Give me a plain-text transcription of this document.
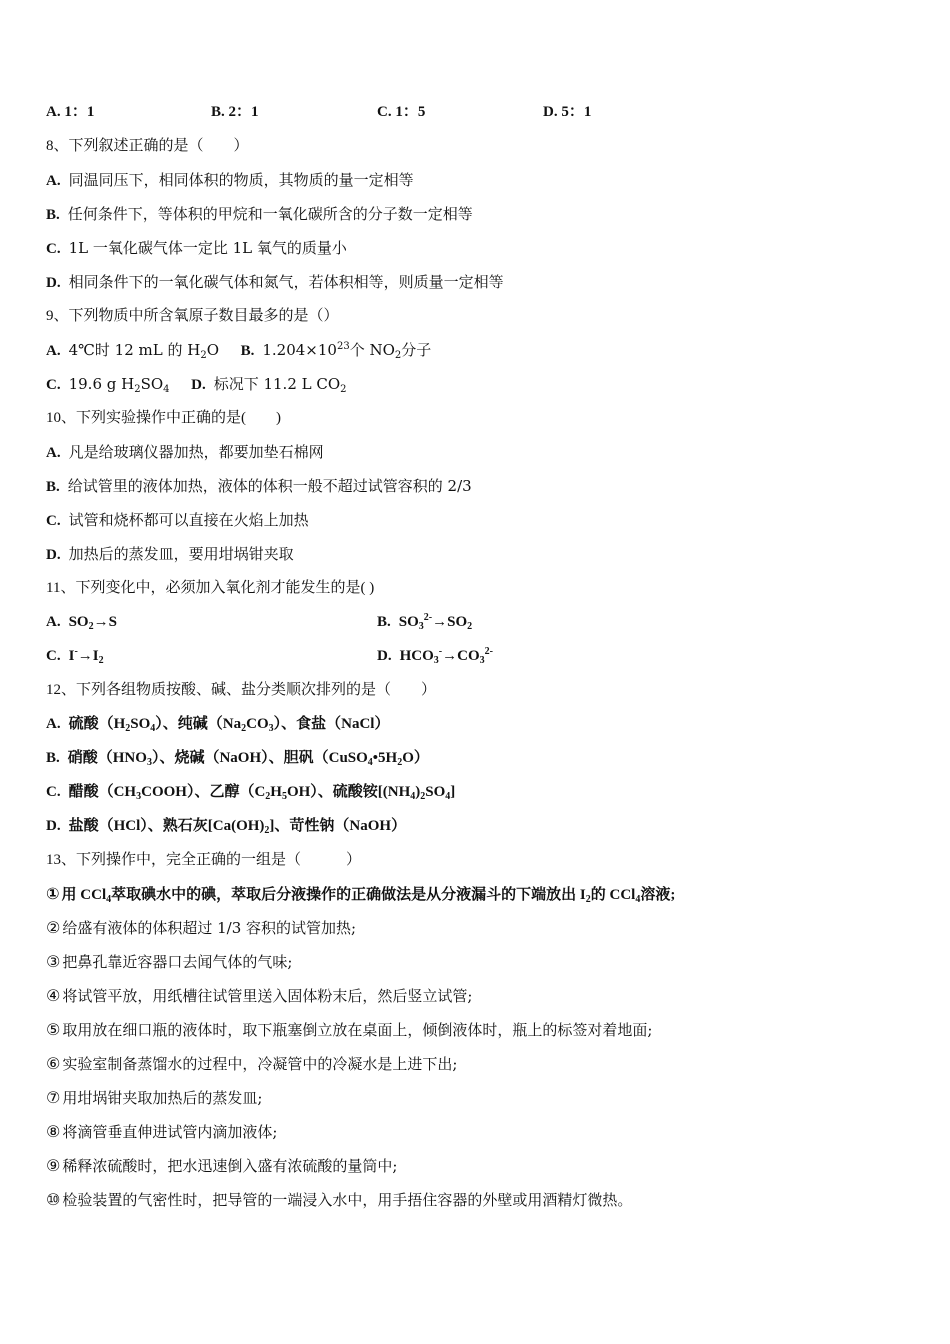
A. 1：1	B. 2：1	C. 1：5	D. 5：1
8、下列叙述正确的是（　　）
A. 同温同压下，相同体积的物质，其物质的量一定相等
B. 任何条件下，等体积的甲烷和一氧化碳所含的分子数一定相等
C. 1L 一氧化碳气体一定比 1L 氧气的质量小
D. 相同条件下的一氧化碳气体和氮气，若体积相等，则质量一定相等
9、下列物质中所含氧原子数目最多的是（）
A. 4℃时 12 mL 的 $H_2O$ B. $1.204\times 10^{23}$个 $NO_2$分子
C. 19.6 g $H_2SO_4$ D. 标况下 11.2 L $CO_2$
10、下列实验操作中正确的是(　　)
A. 凡是给玻璃仪器加热，都要加垫石棉网
B. 给试管里的液体加热，液体的体积一般不超过试管容积的 2/3
C. 试管和烧杯都可以直接在火焰上加热
D. 加热后的蒸发皿，要用坩埚钳夹取
11、下列变化中，必须加入氧化剂才能发生的是( )
A. $SO_2\to S$	B. $SO_3^{2-}\to SO_2$
C. $I^-\to I_2$	D. $HCO_3^-\to CO_3^{2-}$
12、下列各组物质按酸、碱、盐分类顺次排列的是（　　）
A. 硫酸$(H_2SO_4)$、纯碱$(Na_2CO_3)$、食盐（NaCl）
B. 硝酸$(HNO_3)$、烧碱（NaOH）、胆矾$(CuSO_4•5H_2O)$
C. 醋酸$(CH_3COOH)$、乙醇$(C_2H_5OH)$、硫酸铵$[(NH_4)_2SO_4]$
D. 盐酸（HCl）、熟石灰$[Ca(OH)_2]$、苛性钠（NaOH）
13、下列操作中，完全正确的一组是（　　　）
① 用 CCl$_4$萃取碘水中的碘，萃取后分液操作的正确做法是从分液漏斗的下端放出 $I_2$的 CCl$_4$溶液;
② 给盛有液体的体积超过 1/3 容积的试管加热;
③ 把鼻孔靠近容器口去闻气体的气味;
④ 将试管平放，用纸槽往试管里送入固体粉末后，然后竖立试管;
⑤ 取用放在细口瓶的液体时，取下瓶塞倒立放在桌面上，倾倒液体时，瓶上的标签对着地面;
⑥ 实验室制备蒸馏水的过程中，冷凝管中的冷凝水是上进下出;
⑦ 用坩埚钳夹取加热后的蒸发皿;
⑧ 将滴管垂直伸进试管内滴加液体;
⑨ 稀释浓硫酸时，把水迅速倒入盛有浓硫酸的量筒中;
⑩ 检验装置的气密性时，把导管的一端浸入水中，用手捂住容器的外壁或用酒精灯微热。
